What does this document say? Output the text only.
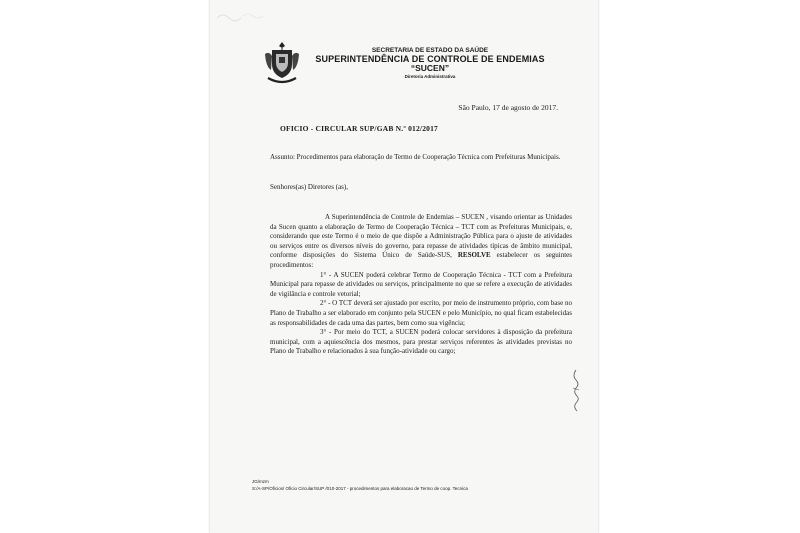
SECRETARIA DE ESTADO DA SAÚDE
SUPERINTENDÊNCIA DE CONTROLE DE ENDEMIAS
“SUCEN”
Diretoria Administrativa
São Paulo, 17 de agosto de 2017.
OFICIO - CIRCULAR SUP/GAB N.º 012/2017
Assunto: Procedimentos para elaboração de Termo de Cooperação Técnica com Prefeituras Municipais.
Senhores(as) Diretores (as),

A Superintendência de Controle de Endemias – SUCEN , visando orientar as Unidades da Sucen quanto a elaboração de Termo de Cooperação Técnica – TCT com as Prefeituras Municipais, e, considerando que este Termo é o meio de que dispõe a Administração Pública para o ajuste de atividades ou serviços entre os diversos níveis do governo, para repasse de atividades típicas de âmbito municipal, conforme disposições do Sistema Único de Saúde-SUS, RESOLVE estabelecer os seguintes procedimentos:

1° - A SUCEN poderá celebrar Termo de Cooperação Técnica - TCT com a Prefeitura Municipal para repasse de atividades ou serviços, principalmente no que se refere a execução de atividades de vigilância e controle vetorial;

2° - O TCT deverá ser ajustado por escrito, por meio de instrumento próprio, com base no Plano de Trabalho a ser elaborado em conjunto pela SUCEN e pelo Município, no qual ficam estabelecidas as responsabilidades de cada uma das partes, bem como sua vigência;

3° - Por meio do TCT, a SUCEN poderá colocar servidores à disposição da prefeitura municipal, com a aquiescência dos mesmos, para prestar serviços referentes às atividades previstas no Plano de Trabalho e relacionados à sua função-atividade ou cargo;

JG/mzm
S:/A-SP/Oficios/ Oficio Circular/SUP /010-2017 - procedimentos para elaboracao de Termo de coop. Tecnica
